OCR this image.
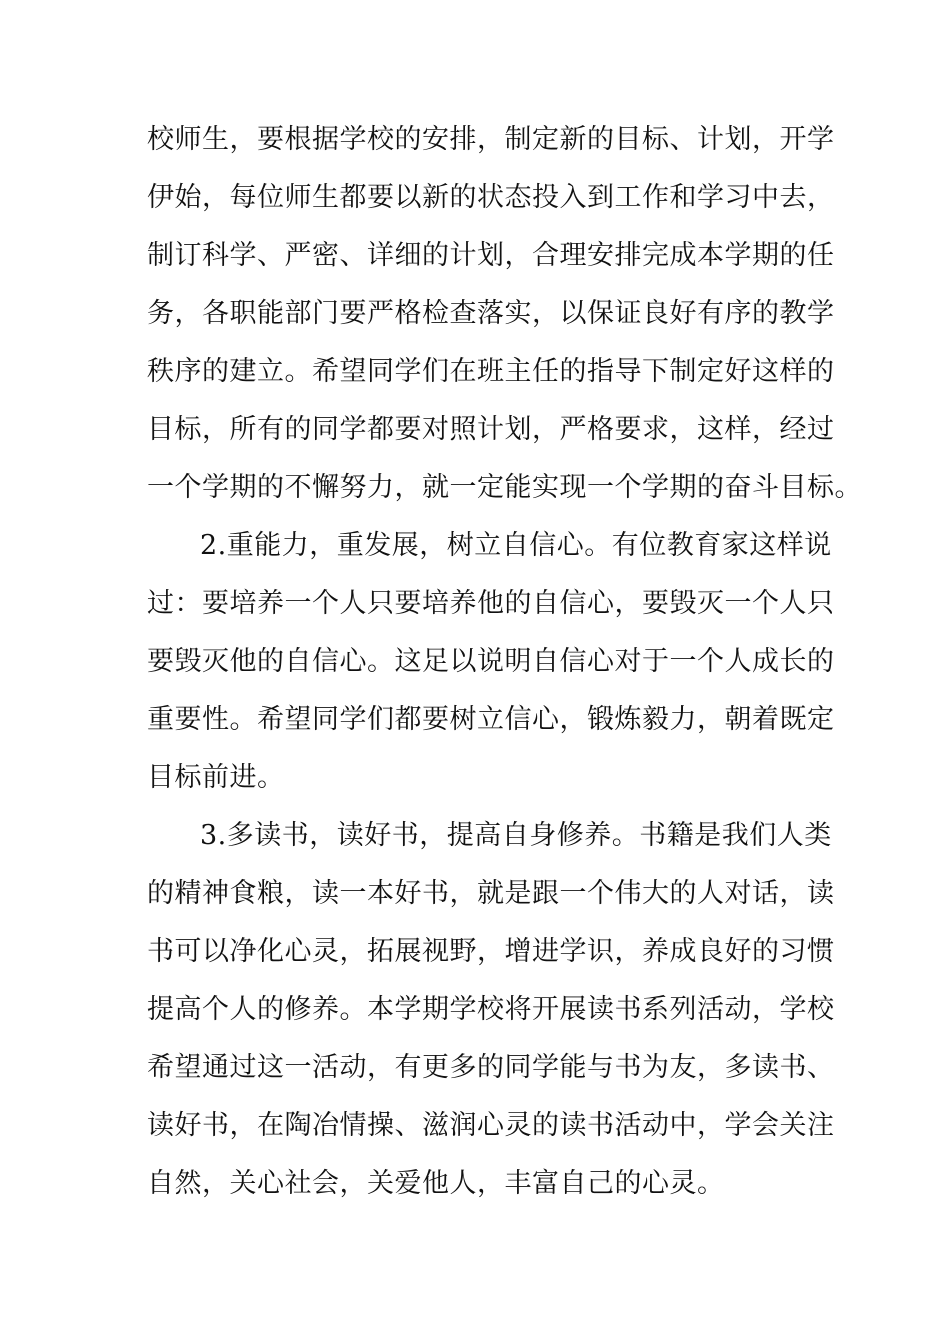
校师生，要根据学校的安排，制定新的目标、计划，开学
伊始，每位师生都要以新的状态投入到工作和学习中去，
制订科学、严密、详细的计划，合理安排完成本学期的任
务，各职能部门要严格检查落实，以保证良好有序的教学
秩序的建立。希望同学们在班主任的指导下制定好这样的
目标，所有的同学都要对照计划，严格要求，这样，经过
一个学期的不懈努力，就一定能实现一个学期的奋斗目标。
2.重能力，重发展，树立自信心。有位教育家这样说
过：要培养一个人只要培养他的自信心，要毁灭一个人只
要毁灭他的自信心。这足以说明自信心对于一个人成长的
重要性。希望同学们都要树立信心，锻炼毅力，朝着既定
目标前进。
3.多读书，读好书，提高自身修养。书籍是我们人类
的精神食粮，读一本好书，就是跟一个伟大的人对话，读
书可以净化心灵，拓展视野，增进学识，养成良好的习惯
提高个人的修养。本学期学校将开展读书系列活动，学校
希望通过这一活动，有更多的同学能与书为友，多读书、
读好书，在陶冶情操、滋润心灵的读书活动中，学会关注
自然，关心社会，关爱他人，丰富自己的心灵。
